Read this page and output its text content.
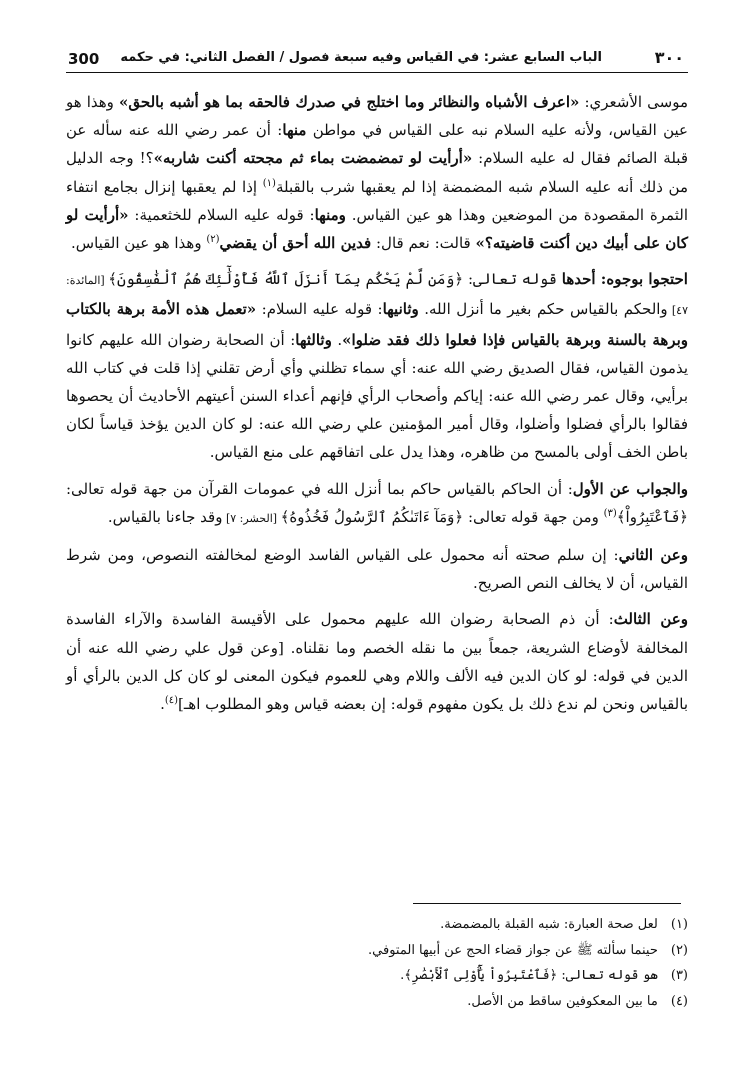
٣٠٠
الباب السابع عشر: في القياس وفيه سبعة فصول / الفصل الثاني: في حكمه
300

موسى الأشعري: «اعرف الأشباه والنظائر وما اختلج في صدرك فالحقه بما هو أشبه بالحق» وهذا هو عين القياس، ولأنه عليه السلام نبه على القياس في مواطن منها: أن عمر رضي الله عنه سأله عن قبلة الصائم فقال له عليه السلام: «أرأيت لو تمضمضت بماء ثم مجحته أكنت شاربه»؟! وجه الدليل من ذلك أنه عليه السلام شبه المضمضة إذا لم يعقبها شرب بالقبلة$^{(١)}$ إذا لم يعقبها إنزال بجامع انتفاء الثمرة المقصودة من الموضعين وهذا هو عين القياس. ومنها: قوله عليه السلام للخثعمية: «أرأيت لو كان على أبيك دين أكنت قاضيته؟» قالت: نعم قال: فدين الله أحق أن يقضي$^{(٢)}$ وهذا هو عين القياس.

احتجوا بوجوه: أحدها قوله تعالى: ﴿وَمَن لَّمْ يَحْكُم بِمَآ أَنزَلَ ٱللَّهُ فَأُوْلَٰٓئِكَ هُمُ ٱلْفَٰسِقُونَ﴾ [المائدة: ٤٧] والحكم بالقياس حكم بغير ما أنزل الله. وثانيها: قوله عليه السلام: «تعمل هذه الأمة برهة بالكتاب وبرهة بالسنة وبرهة بالقياس فإذا فعلوا ذلك فقد ضلوا». وثالثها: أن الصحابة رضوان الله عليهم كانوا يذمون القياس، فقال الصديق رضي الله عنه: أي سماء تظلني وأي أرض تقلني إذا قلت في كتاب الله برأيي، وقال عمر رضي الله عنه: إياكم وأصحاب الرأي فإنهم أعداء السنن أعيتهم الأحاديث أن يحصوها فقالوا بالرأي فضلوا وأضلوا، وقال أمير المؤمنين علي رضي الله عنه: لو كان الدين يؤخذ قياساً لكان باطن الخف أولى بالمسح من ظاهره، وهذا يدل على اتفاقهم على منع القياس.

والجواب عن الأول: أن الحاكم بالقياس حاكم بما أنزل الله في عمومات القرآن من جهة قوله تعالى: ﴿فَٱعْتَبِرُواْ﴾$^{(٣)}$ ومن جهة قوله تعالى: ﴿وَمَآ ءَاتَىٰكُمُ ٱلرَّسُولُ فَخُذُوهُ﴾ [الحشر: ٧] وقد جاءنا بالقياس.

وعن الثاني: إن سلم صحته أنه محمول على القياس الفاسد الوضع لمخالفته النصوص، ومن شرط القياس، أن لا يخالف النص الصريح.

وعن الثالث: أن ذم الصحابة رضوان الله عليهم محمول على الأقيسة الفاسدة والآراء الفاسدة المخالفة لأوضاع الشريعة، جمعاً بين ما نقله الخصم وما نقلناه. [وعن قول علي رضي الله عنه أن الدين في قوله: لو كان الدين فيه الألف واللام وهي للعموم فيكون المعنى لو كان كل الدين بالرأي أو بالقياس ونحن لم ندع ذلك بل يكون مفهوم قوله: إن بعضه قياس وهو المطلوب اهـ]$^{(٤)}$.

(١) لعل صحة العبارة: شبه القبلة بالمضمضة.
(٢) حينما سألته ﷺ عن جواز قضاء الحج عن أبيها المتوفي.
(٣) هو قوله تعالى: ﴿فَٱعْتَبِرُواْ يَٰٓأُوْلِى ٱلْأَبْصَٰرِ﴾.
(٤) ما بين المعكوفين ساقط من الأصل.
